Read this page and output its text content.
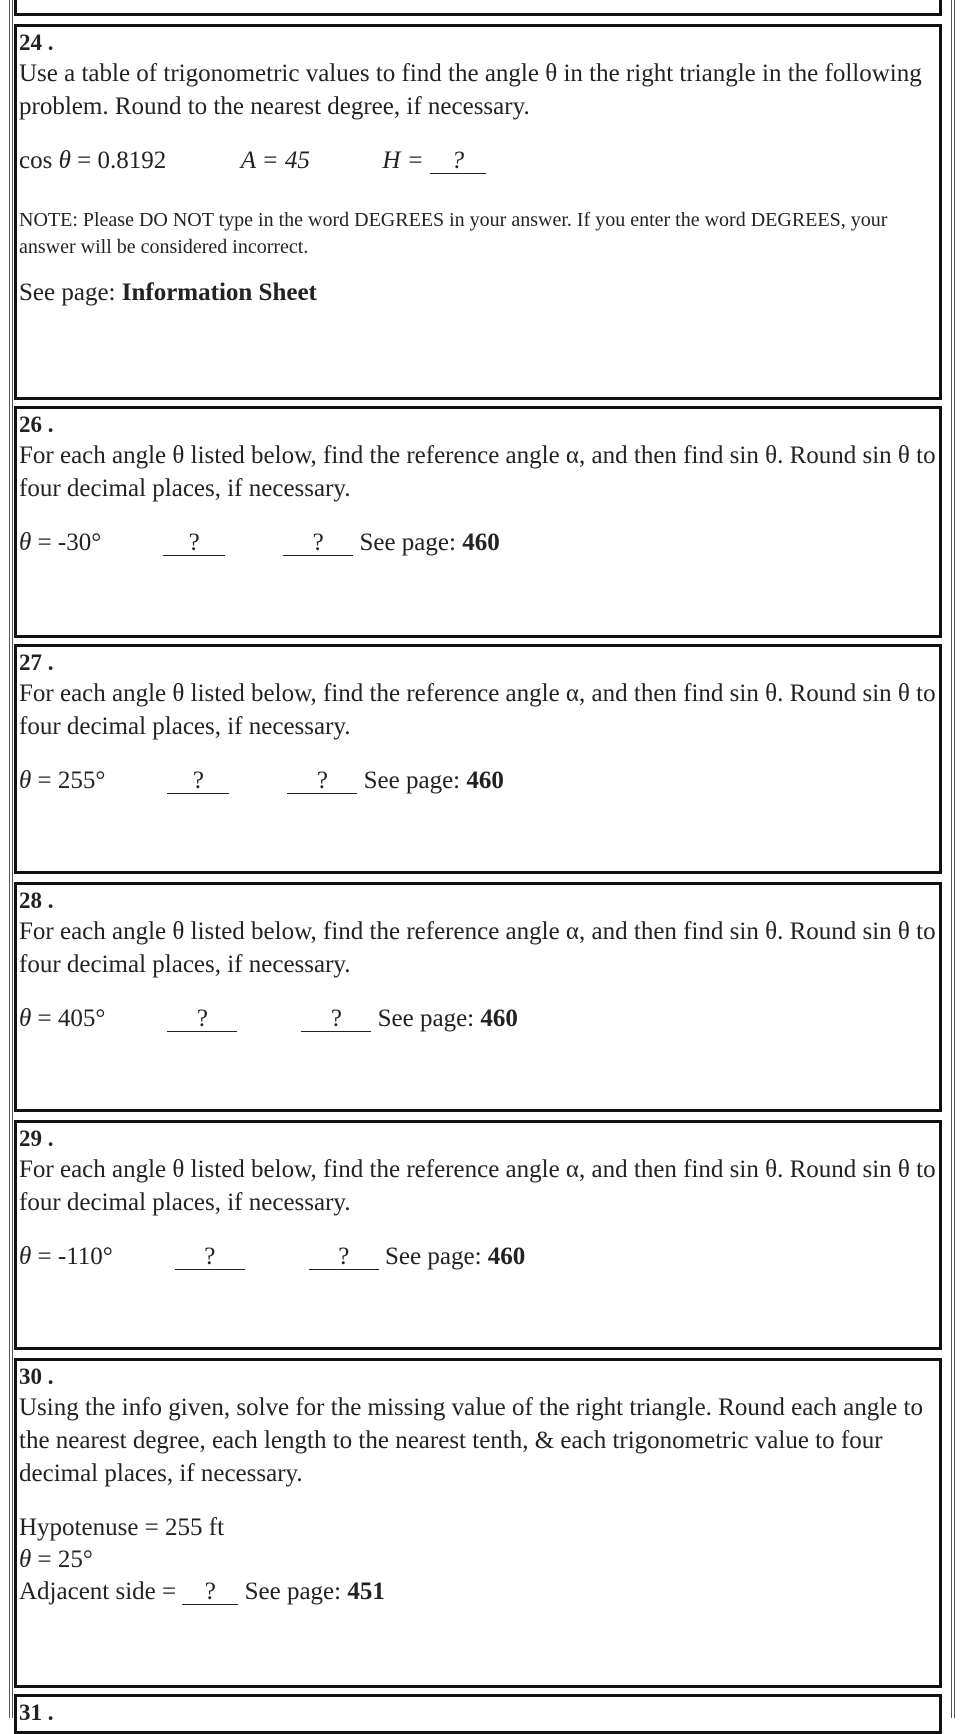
24 .
Use a table of trigonometric values to find the angle θ in the right triangle in the following problem. Round to the nearest degree, if necessary.
cos θ = 0.8192	A = 45	H = ?
NOTE: Please DO NOT type in the word DEGREES in your answer. If you enter the word DEGREES, your answer will be considered incorrect.
See page: Information Sheet
26 .
For each angle θ listed below, find the reference angle α, and then find sin θ. Round sin θ to four decimal places, if necessary.
θ = -30°	?	? See page: 460
27 .
For each angle θ listed below, find the reference angle α, and then find sin θ. Round sin θ to four decimal places, if necessary.
θ = 255°	?	? See page: 460
28 .
For each angle θ listed below, find the reference angle α, and then find sin θ. Round sin θ to four decimal places, if necessary.
θ = 405°	?	? See page: 460
29 .
For each angle θ listed below, find the reference angle α, and then find sin θ. Round sin θ to four decimal places, if necessary.
θ = -110°	?	? See page: 460
30 .
Using the info given, solve for the missing value of the right triangle. Round each angle to the nearest degree, each length to the nearest tenth, & each trigonometric value to four decimal places, if necessary.
Hypotenuse = 255 ft
θ = 25°
Adjacent side = ? See page: 451
31 .
